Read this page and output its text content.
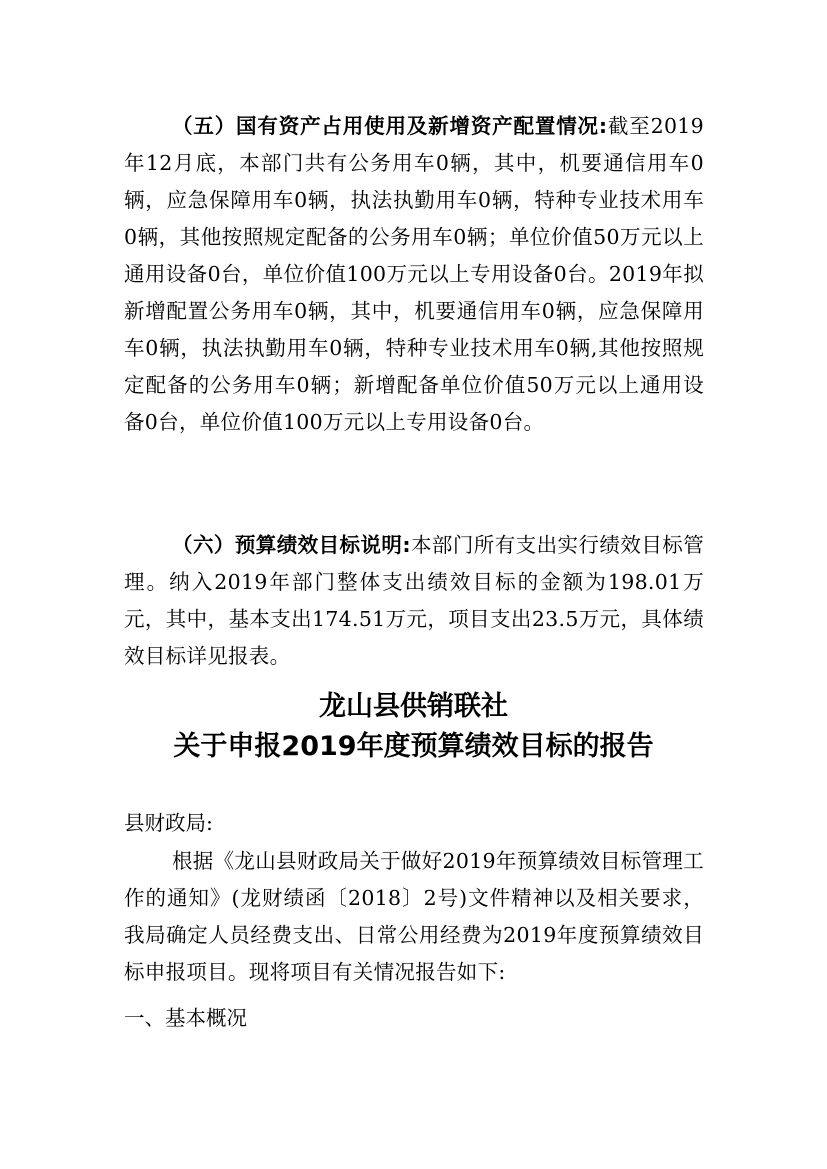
（五）国有资产占用使用及新增资产配置情况:截至2019年12月底，本部门共有公务用车0辆，其中，机要通信用车0辆，应急保障用车0辆，执法执勤用车0辆，特种专业技术用车0辆，其他按照规定配备的公务用车0辆；单位价值50万元以上通用设备0台，单位价值100万元以上专用设备0台。2019年拟新增配置公务用车0辆，其中，机要通信用车0辆，应急保障用车0辆，执法执勤用车0辆，特种专业技术用车0辆,其他按照规定配备的公务用车0辆；新增配备单位价值50万元以上通用设备0台，单位价值100万元以上专用设备0台。
（六）预算绩效目标说明:本部门所有支出实行绩效目标管理。纳入2019年部门整体支出绩效目标的金额为198.01万元，其中，基本支出174.51万元，项目支出23.5万元，具体绩效目标详见报表。
龙山县供销联社
关于申报2019年度预算绩效目标的报告
县财政局:
根据《龙山县财政局关于做好2019年预算绩效目标管理工作的通知》(龙财绩函〔2018〕2号)文件精神以及相关要求，我局确定人员经费支出、日常公用经费为2019年度预算绩效目标申报项目。现将项目有关情况报告如下:
一、基本概况
